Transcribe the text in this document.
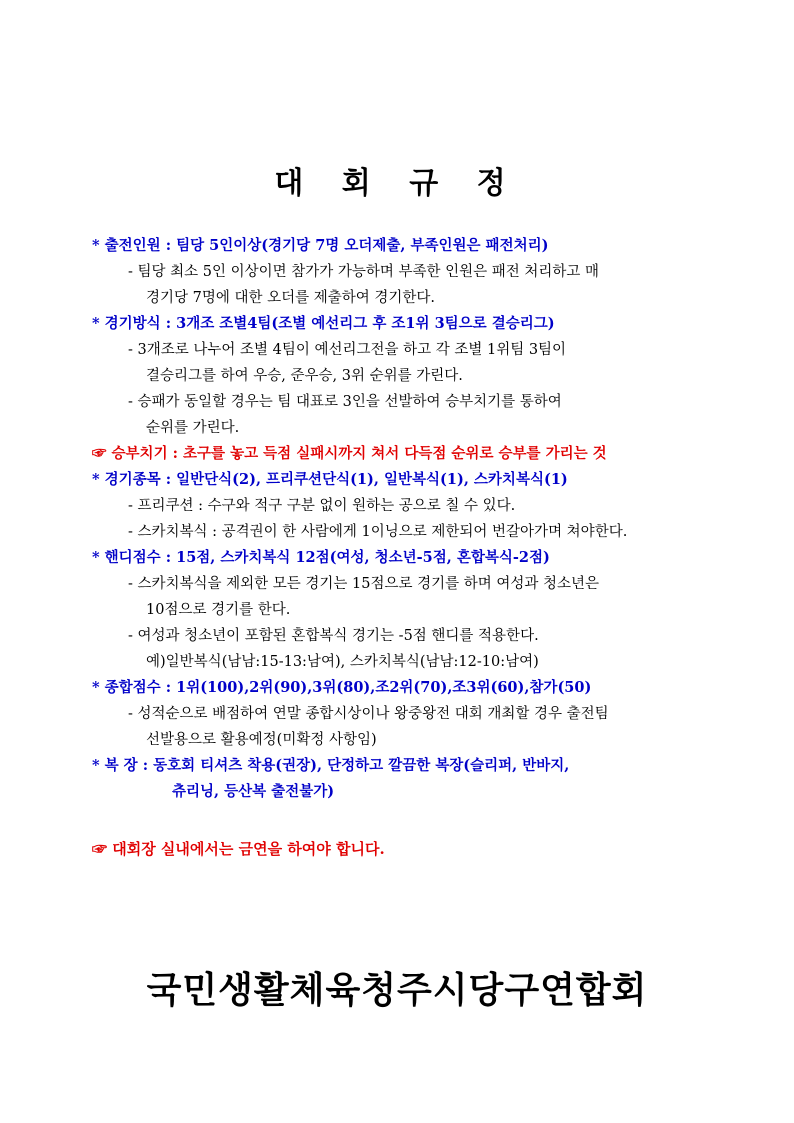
대 회 규 정
* 출전인원 : 팀당 5인이상(경기당 7명 오더제출, 부족인원은 패전처리)
- 팀당 최소 5인 이상이면 참가가 가능하며 부족한 인원은 패전 처리하고 매
경기당 7명에 대한 오더를 제출하여 경기한다.
* 경기방식 : 3개조 조별4팀(조별 예선리그 후 조1위 3팀으로 결승리그)
- 3개조로 나누어 조별 4팀이 예선리그전을 하고 각 조별 1위팀 3팀이
결승리그를 하여 우승, 준우승, 3위 순위를 가린다.
- 승패가 동일할 경우는 팀 대표로 3인을 선발하여 승부치기를 통하여
순위를 가린다.
☞ 승부치기 : 초구를 놓고 득점 실패시까지 쳐서 다득점 순위로 승부를 가리는 것
* 경기종목 : 일반단식(2), 프리쿠션단식(1), 일반복식(1), 스카치복식(1)
- 프리쿠션 : 수구와 적구 구분 없이 원하는 공으로 칠 수 있다.
- 스카치복식 : 공격권이 한 사람에게 1이닝으로 제한되어 번갈아가며 쳐야한다.
* 핸디점수 : 15점, 스카치복식 12점(여성, 청소년-5점, 혼합복식-2점)
- 스카치복식을 제외한 모든 경기는 15점으로 경기를 하며 여성과 청소년은
10점으로 경기를 한다.
- 여성과 청소년이 포함된 혼합복식 경기는 -5점 핸디를 적용한다.
예)일반복식(남남:15-13:남여), 스카치복식(남남:12-10:남여)
* 종합점수 : 1위(100),2위(90),3위(80),조2위(70),조3위(60),참가(50)
- 성적순으로 배점하여 연말 종합시상이나 왕중왕전 대회 개최할 경우 출전팀
선발용으로 활용예정(미확정 사항임)
* 복 장 : 동호회 티셔츠 착용(권장), 단정하고 깔끔한 복장(슬리퍼, 반바지,
츄리닝, 등산복 출전불가)
☞ 대회장 실내에서는 금연을 하여야 합니다.
국민생활체육청주시당구연합회
